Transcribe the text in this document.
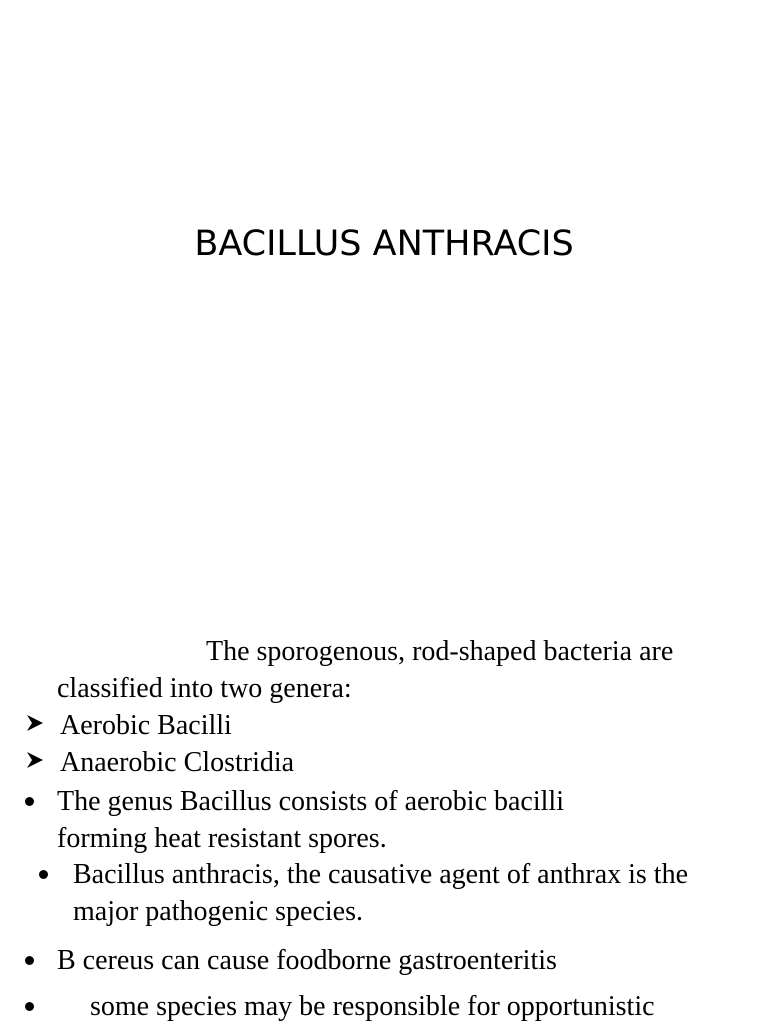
BACILLUS ANTHRACIS

The sporogenous, rod-shaped bacteria are classified into two genera:

Aerobic Bacilli
Anaerobic Clostridia

The genus Bacillus consists of aerobic bacilli forming heat resistant spores.

Bacillus anthracis, the causative agent of anthrax is the major pathogenic species.

B cereus can cause foodborne gastroenteritis
some species may be responsible for opportunistic
